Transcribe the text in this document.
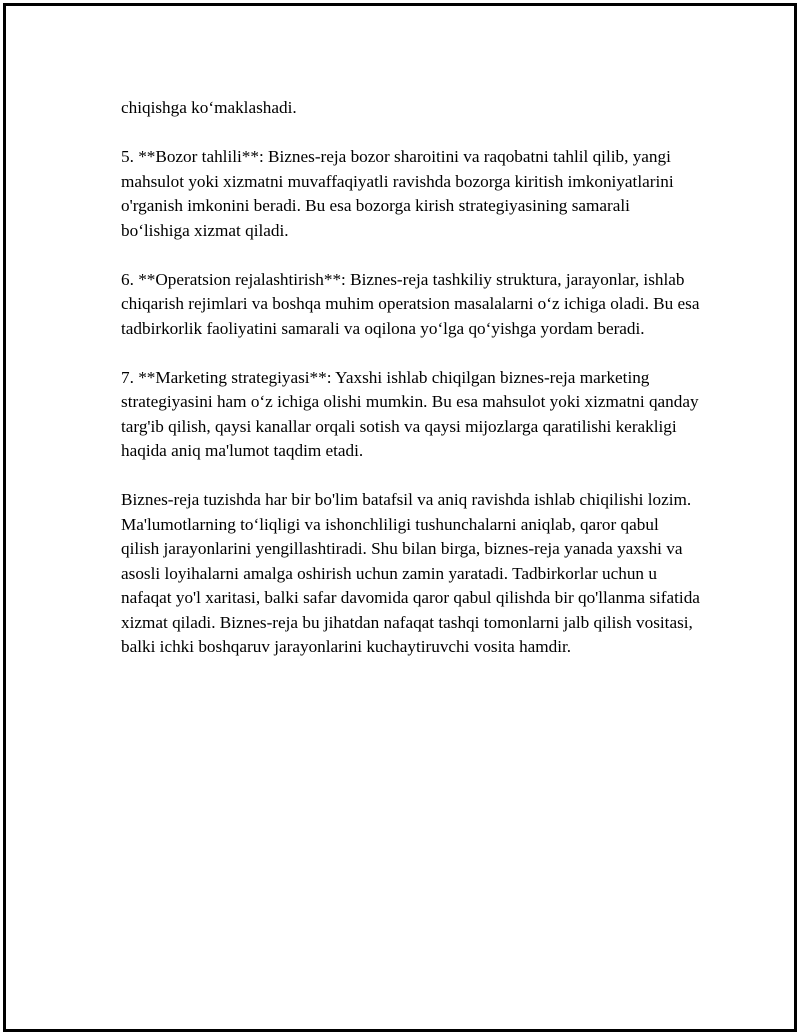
chiqishga ko‘maklashadi.

5. **Bozor tahlili**: Biznes-reja bozor sharoitini va raqobatni tahlil qilib, yangi mahsulot yoki xizmatni muvaffaqiyatli ravishda bozorga kiritish imkoniyatlarini o'rganish imkonini beradi. Bu esa bozorga kirish strategiyasining samarali bo‘lishiga xizmat qiladi.

6. **Operatsion rejalashtirish**: Biznes-reja tashkiliy struktura, jarayonlar, ishlab chiqarish rejimlari va boshqa muhim operatsion masalalarni o‘z ichiga oladi. Bu esa tadbirkorlik faoliyatini samarali va oqilona yo‘lga qo‘yishga yordam beradi.

7. **Marketing strategiyasi**: Yaxshi ishlab chiqilgan biznes-reja marketing strategiyasini ham o‘z ichiga olishi mumkin. Bu esa mahsulot yoki xizmatni qanday targ'ib qilish, qaysi kanallar orqali sotish va qaysi mijozlarga qaratilishi kerakligi haqida aniq ma'lumot taqdim etadi.

Biznes-reja tuzishda har bir bo'lim batafsil va aniq ravishda ishlab chiqilishi lozim. Ma'lumotlarning to‘liqligi va ishonchliligi tushunchalarni aniqlab, qaror qabul qilish jarayonlarini yengillashtiradi. Shu bilan birga, biznes-reja yanada yaxshi va asosli loyihalarni amalga oshirish uchun zamin yaratadi. Tadbirkorlar uchun u nafaqat yo'l xaritasi, balki safar davomida qaror qabul qilishda bir qo'llanma sifatida xizmat qiladi. Biznes-reja bu jihatdan nafaqat tashqi tomonlarni jalb qilish vositasi, balki ichki boshqaruv jarayonlarini kuchaytiruvchi vosita hamdir.
